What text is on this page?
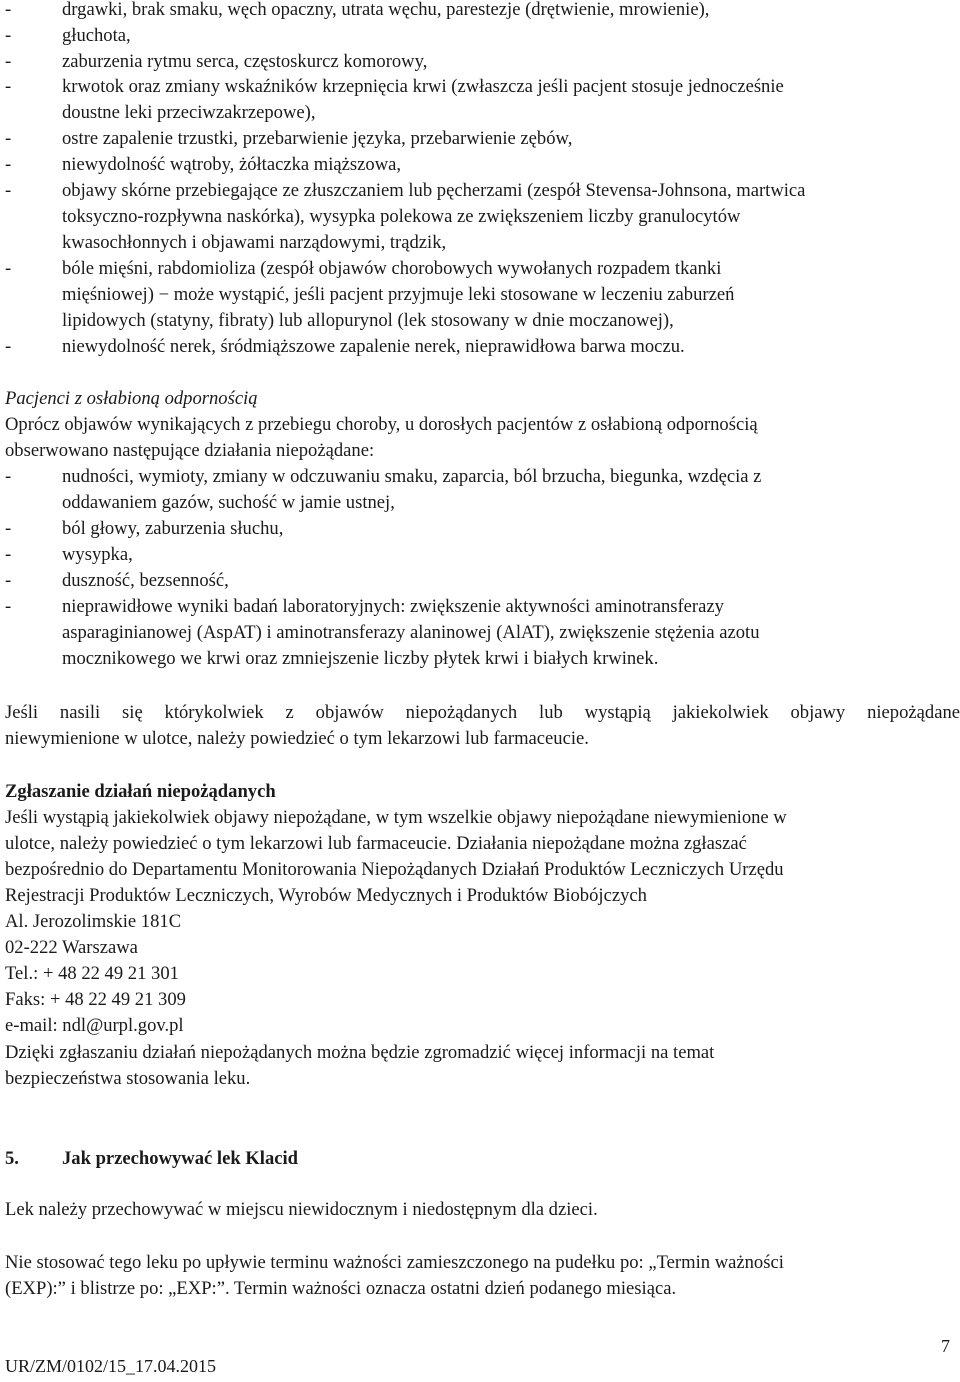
-	drgawki, brak smaku, węch opaczny, utrata węchu, parestezje (drętwienie, mrowienie),
-	głuchota,
-	zaburzenia rytmu serca, częstoskurcz komorowy,
-	krwotok oraz zmiany wskaźników krzepnięcia krwi (zwłaszcza jeśli pacjent stosuje jednocześnie
doustne leki przeciwzakrzepowe),
-	ostre zapalenie trzustki, przebarwienie języka, przebarwienie zębów,
-	niewydolność wątroby, żółtaczka miąższowa,
-	objawy skórne przebiegające ze złuszczaniem lub pęcherzami (zespół Stevensa-Johnsona, martwica
toksyczno-rozpływna naskórka), wysypka polekowa ze zwiększeniem liczby granulocytów
kwasochłonnych i objawami narządowymi, trądzik,
-	bóle mięśni, rabdomioliza (zespół objawów chorobowych wywołanych rozpadem tkanki
mięśniowej) − może wystąpić, jeśli pacjent przyjmuje leki stosowane w leczeniu zaburzeń
lipidowych (statyny, fibraty) lub allopurynol (lek stosowany w dnie moczanowej),
-	niewydolność nerek, śródmiąższowe zapalenie nerek, nieprawidłowa barwa moczu.
Pacjenci z osłabioną odpornością
Oprócz objawów wynikających z przebiegu choroby, u dorosłych pacjentów z osłabioną odpornością
obserwowano następujące działania niepożądane:
-	nudności, wymioty, zmiany w odczuwaniu smaku, zaparcia, ból brzucha, biegunka, wzdęcia z
oddawaniem gazów, suchość w jamie ustnej,
-	ból głowy, zaburzenia słuchu,
-	wysypka,
-	duszność, bezsenność,
-	nieprawidłowe wyniki badań laboratoryjnych: zwiększenie aktywności aminotransferazy
asparaginianowej (AspAT) i aminotransferazy alaninowej (AlAT), zwiększenie stężenia azotu
mocznikowego we krwi oraz zmniejszenie liczby płytek krwi i białych krwinek.
Jeśli nasili się którykolwiek z objawów niepożądanych lub wystąpią jakiekolwiek objawy niepożądane
niewymienione w ulotce, należy powiedzieć o tym lekarzowi lub farmaceucie.
Zgłaszanie działań niepożądanych
Jeśli wystąpią jakiekolwiek objawy niepożądane, w tym wszelkie objawy niepożądane niewymienione w
ulotce, należy powiedzieć o tym lekarzowi lub farmaceucie. Działania niepożądane można zgłaszać
bezpośrednio do Departamentu Monitorowania Niepożądanych Działań Produktów Leczniczych Urzędu
Rejestracji Produktów Leczniczych, Wyrobów Medycznych i Produktów Biobójczych
Al. Jerozolimskie 181C
02-222 Warszawa
Tel.: + 48 22 49 21 301
Faks: + 48 22 49 21 309
e-mail: ndl@urpl.gov.pl
Dzięki zgłaszaniu działań niepożądanych można będzie zgromadzić więcej informacji na temat
bezpieczeństwa stosowania leku.
5. Jak przechowywać lek Klacid
Lek należy przechowywać w miejscu niewidocznym i niedostępnym dla dzieci.
Nie stosować tego leku po upływie terminu ważności zamieszczonego na pudełku po: „Termin ważności
(EXP):” i blistrze po: „EXP:”. Termin ważności oznacza ostatni dzień podanego miesiąca.
7
UR/ZM/0102/15_17.04.2015
